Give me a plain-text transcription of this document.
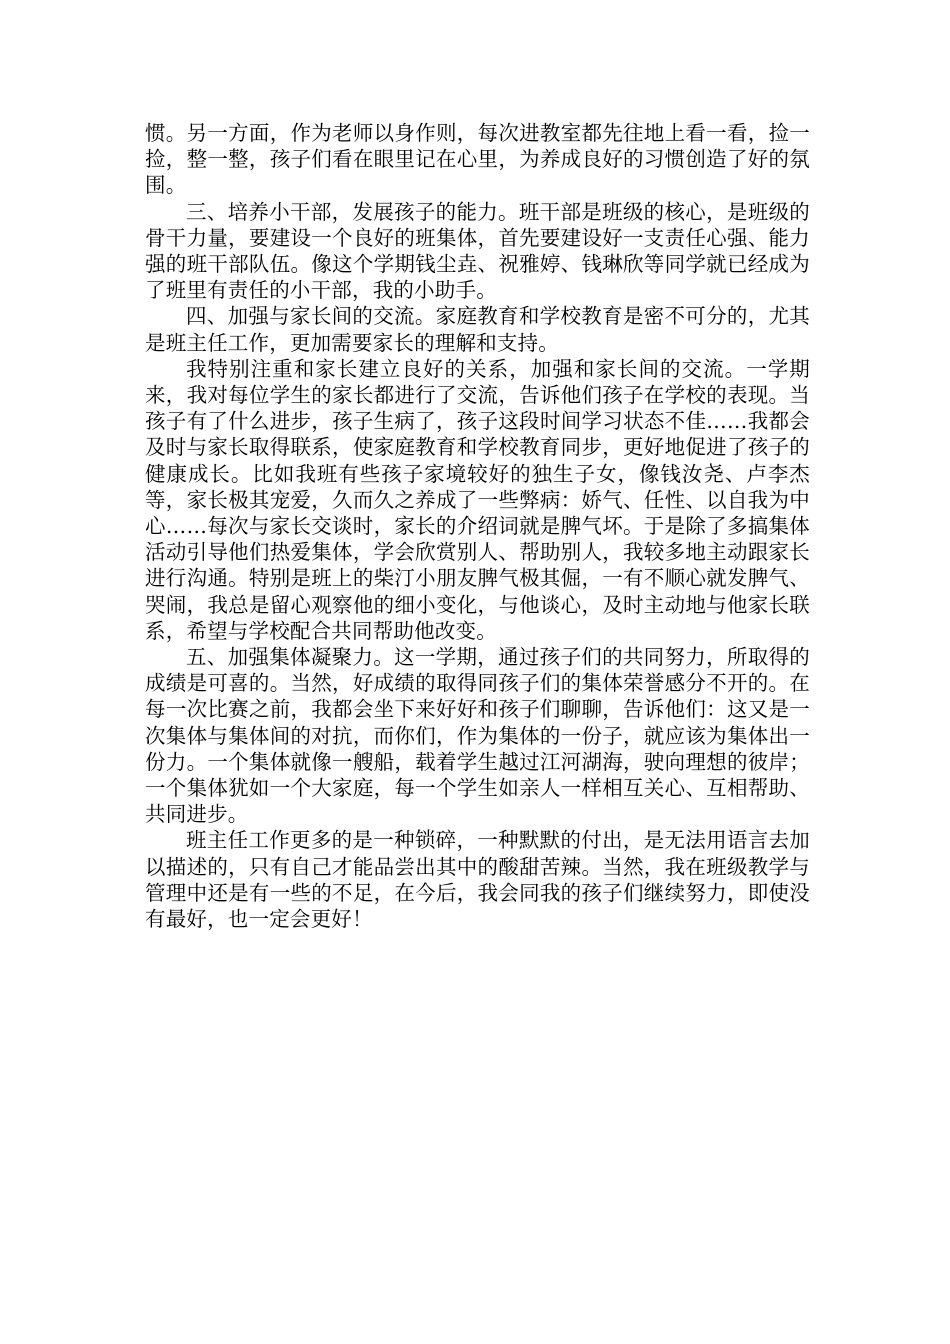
惯。另一方面，作为老师以身作则，每次进教室都先往地上看一看，捡一捡，整一整，孩子们看在眼里记在心里，为养成良好的习惯创造了好的氛围。

三、培养小干部，发展孩子的能力。班干部是班级的核心，是班级的骨干力量，要建设一个良好的班集体，首先要建设好一支责任心强、能力强的班干部队伍。像这个学期钱尘垚、祝雅婷、钱琳欣等同学就已经成为了班里有责任的小干部，我的小助手。

四、加强与家长间的交流。家庭教育和学校教育是密不可分的，尤其是班主任工作，更加需要家长的理解和支持。

我特别注重和家长建立良好的关系，加强和家长间的交流。一学期来，我对每位学生的家长都进行了交流，告诉他们孩子在学校的表现。当孩子有了什么进步，孩子生病了，孩子这段时间学习状态不佳……我都会及时与家长取得联系，使家庭教育和学校教育同步，更好地促进了孩子的健康成长。比如我班有些孩子家境较好的独生子女，像钱汝尧、卢李杰等，家长极其宠爱，久而久之养成了一些弊病：娇气、任性、以自我为中心……每次与家长交谈时，家长的介绍词就是脾气坏。于是除了多搞集体活动引导他们热爱集体，学会欣赏别人、帮助别人，我较多地主动跟家长进行沟通。特别是班上的柴汀小朋友脾气极其倔，一有不顺心就发脾气、哭闹，我总是留心观察他的细小变化，与他谈心，及时主动地与他家长联系，希望与学校配合共同帮助他改变。

五、加强集体凝聚力。这一学期，通过孩子们的共同努力，所取得的成绩是可喜的。当然，好成绩的取得同孩子们的集体荣誉感分不开的。在每一次比赛之前，我都会坐下来好好和孩子们聊聊，告诉他们：这又是一次集体与集体间的对抗，而你们，作为集体的一份子，就应该为集体出一份力。一个集体就像一艘船，载着学生越过江河湖海，驶向理想的彼岸；一个集体犹如一个大家庭，每一个学生如亲人一样相互关心、互相帮助、共同进步。

班主任工作更多的是一种锁碎，一种默默的付出，是无法用语言去加以描述的，只有自己才能品尝出其中的酸甜苦辣。当然，我在班级教学与管理中还是有一些的不足，在今后，我会同我的孩子们继续努力，即使没有最好，也一定会更好！
